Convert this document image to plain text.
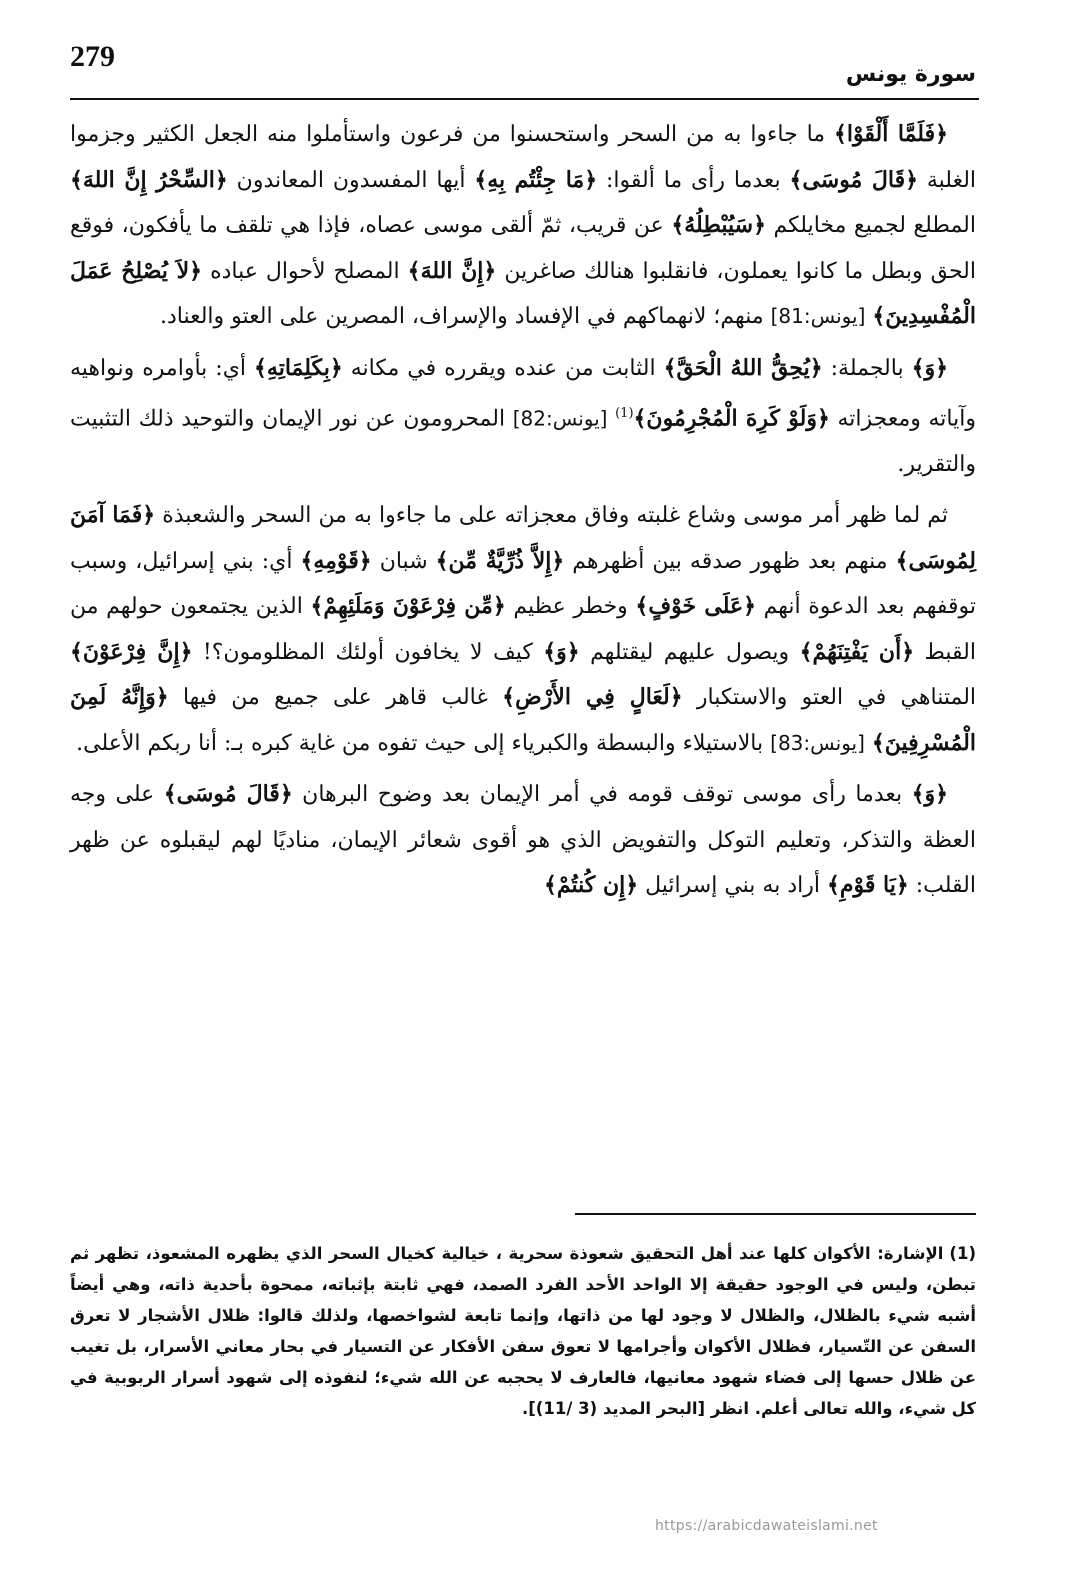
279
سورة يونس

﴿فَلَمَّا أَلْقَوْا﴾ ما جاءوا به من السحر واستحسنوا من فرعون واستأملوا منه الجعل الكثير وجزموا الغلبة ﴿قَالَ مُوسَى﴾ بعدما رأى ما ألقوا: ﴿مَا جِئْتُم بِهِ﴾ أيها المفسدون المعاندون ﴿السِّحْرُ إِنَّ اللهَ﴾ المطلع لجميع مخايلكم ﴿سَيُبْطِلُهُ﴾ عن قريب، ثمّ ألقى موسى عصاه، فإذا هي تلقف ما يأفكون، فوقع الحق وبطل ما كانوا يعملون، فانقلبوا هنالك صاغرين ﴿إِنَّ اللهَ﴾ المصلح لأحوال عباده ﴿لاَ يُصْلِحُ عَمَلَ الْمُفْسِدِينَ﴾ [يونس:81] منهم؛ لانهماكهم في الإفساد والإسراف، المصرين على العتو والعناد.

﴿وَ﴾ بالجملة: ﴿يُحِقُّ اللهُ الْحَقَّ﴾ الثابت من عنده ويقرره في مكانه ﴿بِكَلِمَاتِهِ﴾ أي: بأوامره ونواهيه وآياته ومعجزاته ﴿وَلَوْ كَرِهَ الْمُجْرِمُونَ﴾$^{(1)}$ [يونس:82] المحرومون عن نور الإيمان والتوحيد ذلك التثبيت والتقرير.

ثم لما ظهر أمر موسى وشاع غلبته وفاق معجزاته على ما جاءوا به من السحر والشعبذة ﴿فَمَا آمَنَ لِمُوسَى﴾ منهم بعد ظهور صدقه بين أظهرهم ﴿إِلاَّ ذُرِّيَّةٌ مِّن﴾ شبان ﴿قَوْمِهِ﴾ أي: بني إسرائيل، وسبب توقفهم بعد الدعوة أنهم ﴿عَلَى خَوْفٍ﴾ وخطر عظيم ﴿مِّن فِرْعَوْنَ وَمَلَئِهِمْ﴾ الذين يجتمعون حولهم من القبط ﴿أَن يَفْتِنَهُمْ﴾ ويصول عليهم ليقتلهم ﴿وَ﴾ كيف لا يخافون أولئك المظلومون؟! ﴿إِنَّ فِرْعَوْنَ﴾ المتناهي في العتو والاستكبار ﴿لَعَالٍ فِي الأَرْضِ﴾ غالب قاهر على جميع من فيها ﴿وَإِنَّهُ لَمِنَ الْمُسْرِفِينَ﴾ [يونس:83] بالاستيلاء والبسطة والكبرياء إلى حيث تفوه من غاية كبره بـ: أنا ربكم الأعلى.

﴿وَ﴾ بعدما رأى موسى توقف قومه في أمر الإيمان بعد وضوح البرهان ﴿قَالَ مُوسَى﴾ على وجه العظة والتذكر، وتعليم التوكل والتفويض الذي هو أقوى شعائر الإيمان، مناديًا لهم ليقبلوه عن ظهر القلب: ﴿يَا قَوْمِ﴾ أراد به بني إسرائيل ﴿إِن كُنتُمْ﴾

(1)الإشارة: الأكوان كلها عند أهل التحقيق شعوذة سحرية ، خيالية كخيال السحر الذي يظهره المشعوذ، تظهر ثم تبطن، وليس في الوجود حقيقة إلا الواحد الأحد الفرد الصمد، فهي ثابتة بإثباته، ممحوة بأحدية ذاته، وهي أيضاً أشبه شيء بالظلال، والظلال لا وجود لها من ذاتها، وإنما تابعة لشواخصها، ولذلك قالوا: ظلال الأشجار لا تعرق السفن عن التّسيار، فظلال الأكوان وأجرامها لا تعوق سفن الأفكار عن التسيار في بحار معاني الأسرار، بل تغيب عن ظلال حسها إلى فضاء شهود معانيها، فالعارف لا يحجبه عن الله شيء؛ لنفوذه إلى شهود أسرار الربوبية في كل شيء، والله تعالى أعلم. انظر [البحر المديد (3 /11)].
https://arabicdawateislami.net
